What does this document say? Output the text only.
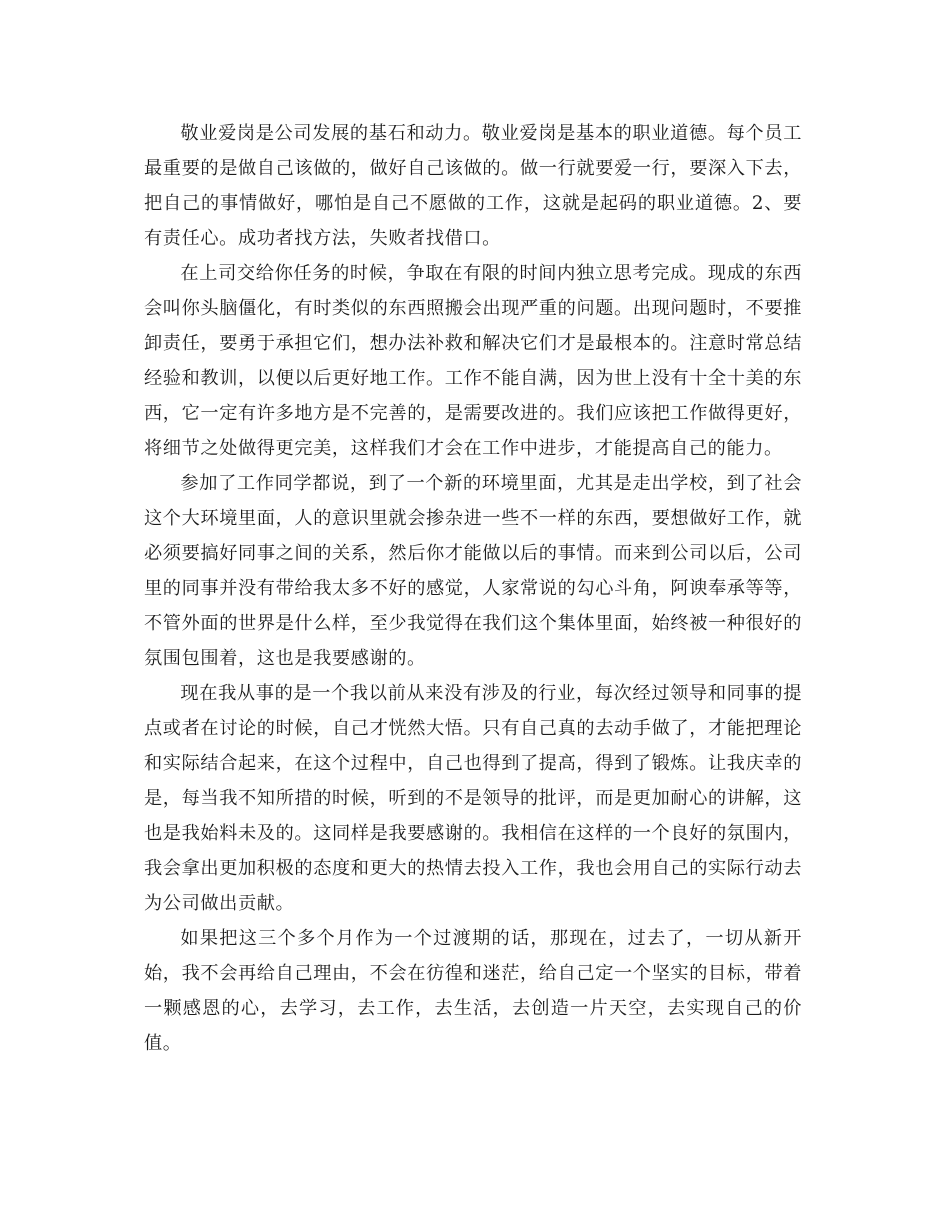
敬业爱岗是公司发展的基石和动力。敬业爱岗是基本的职业道德。每个员工最重要的是做自己该做的，做好自己该做的。做一行就要爱一行，要深入下去，把自己的事情做好，哪怕是自己不愿做的工作，这就是起码的职业道德。2、要有责任心。成功者找方法，失败者找借口。

在上司交给你任务的时候，争取在有限的时间内独立思考完成。现成的东西会叫你头脑僵化，有时类似的东西照搬会出现严重的问题。出现问题时，不要推卸责任，要勇于承担它们，想办法补救和解决它们才是最根本的。注意时常总结经验和教训，以便以后更好地工作。工作不能自满，因为世上没有十全十美的东西，它一定有许多地方是不完善的，是需要改进的。我们应该把工作做得更好，将细节之处做得更完美，这样我们才会在工作中进步，才能提高自己的能力。

参加了工作同学都说，到了一个新的环境里面，尤其是走出学校，到了社会这个大环境里面，人的意识里就会掺杂进一些不一样的东西，要想做好工作，就必须要搞好同事之间的关系，然后你才能做以后的事情。而来到公司以后，公司里的同事并没有带给我太多不好的感觉，人家常说的勾心斗角，阿谀奉承等等，不管外面的世界是什么样，至少我觉得在我们这个集体里面，始终被一种很好的氛围包围着，这也是我要感谢的。

现在我从事的是一个我以前从来没有涉及的行业，每次经过领导和同事的提点或者在讨论的时候，自己才恍然大悟。只有自己真的去动手做了，才能把理论和实际结合起来，在这个过程中，自己也得到了提高，得到了锻炼。让我庆幸的是，每当我不知所措的时候，听到的不是领导的批评，而是更加耐心的讲解，这也是我始料未及的。这同样是我要感谢的。我相信在这样的一个良好的氛围内，我会拿出更加积极的态度和更大的热情去投入工作，我也会用自己的实际行动去为公司做出贡献。

如果把这三个多个月作为一个过渡期的话，那现在，过去了，一切从新开始，我不会再给自己理由，不会在彷徨和迷茫，给自己定一个坚实的目标，带着一颗感恩的心，去学习，去工作，去生活，去创造一片天空，去实现自己的价值。
